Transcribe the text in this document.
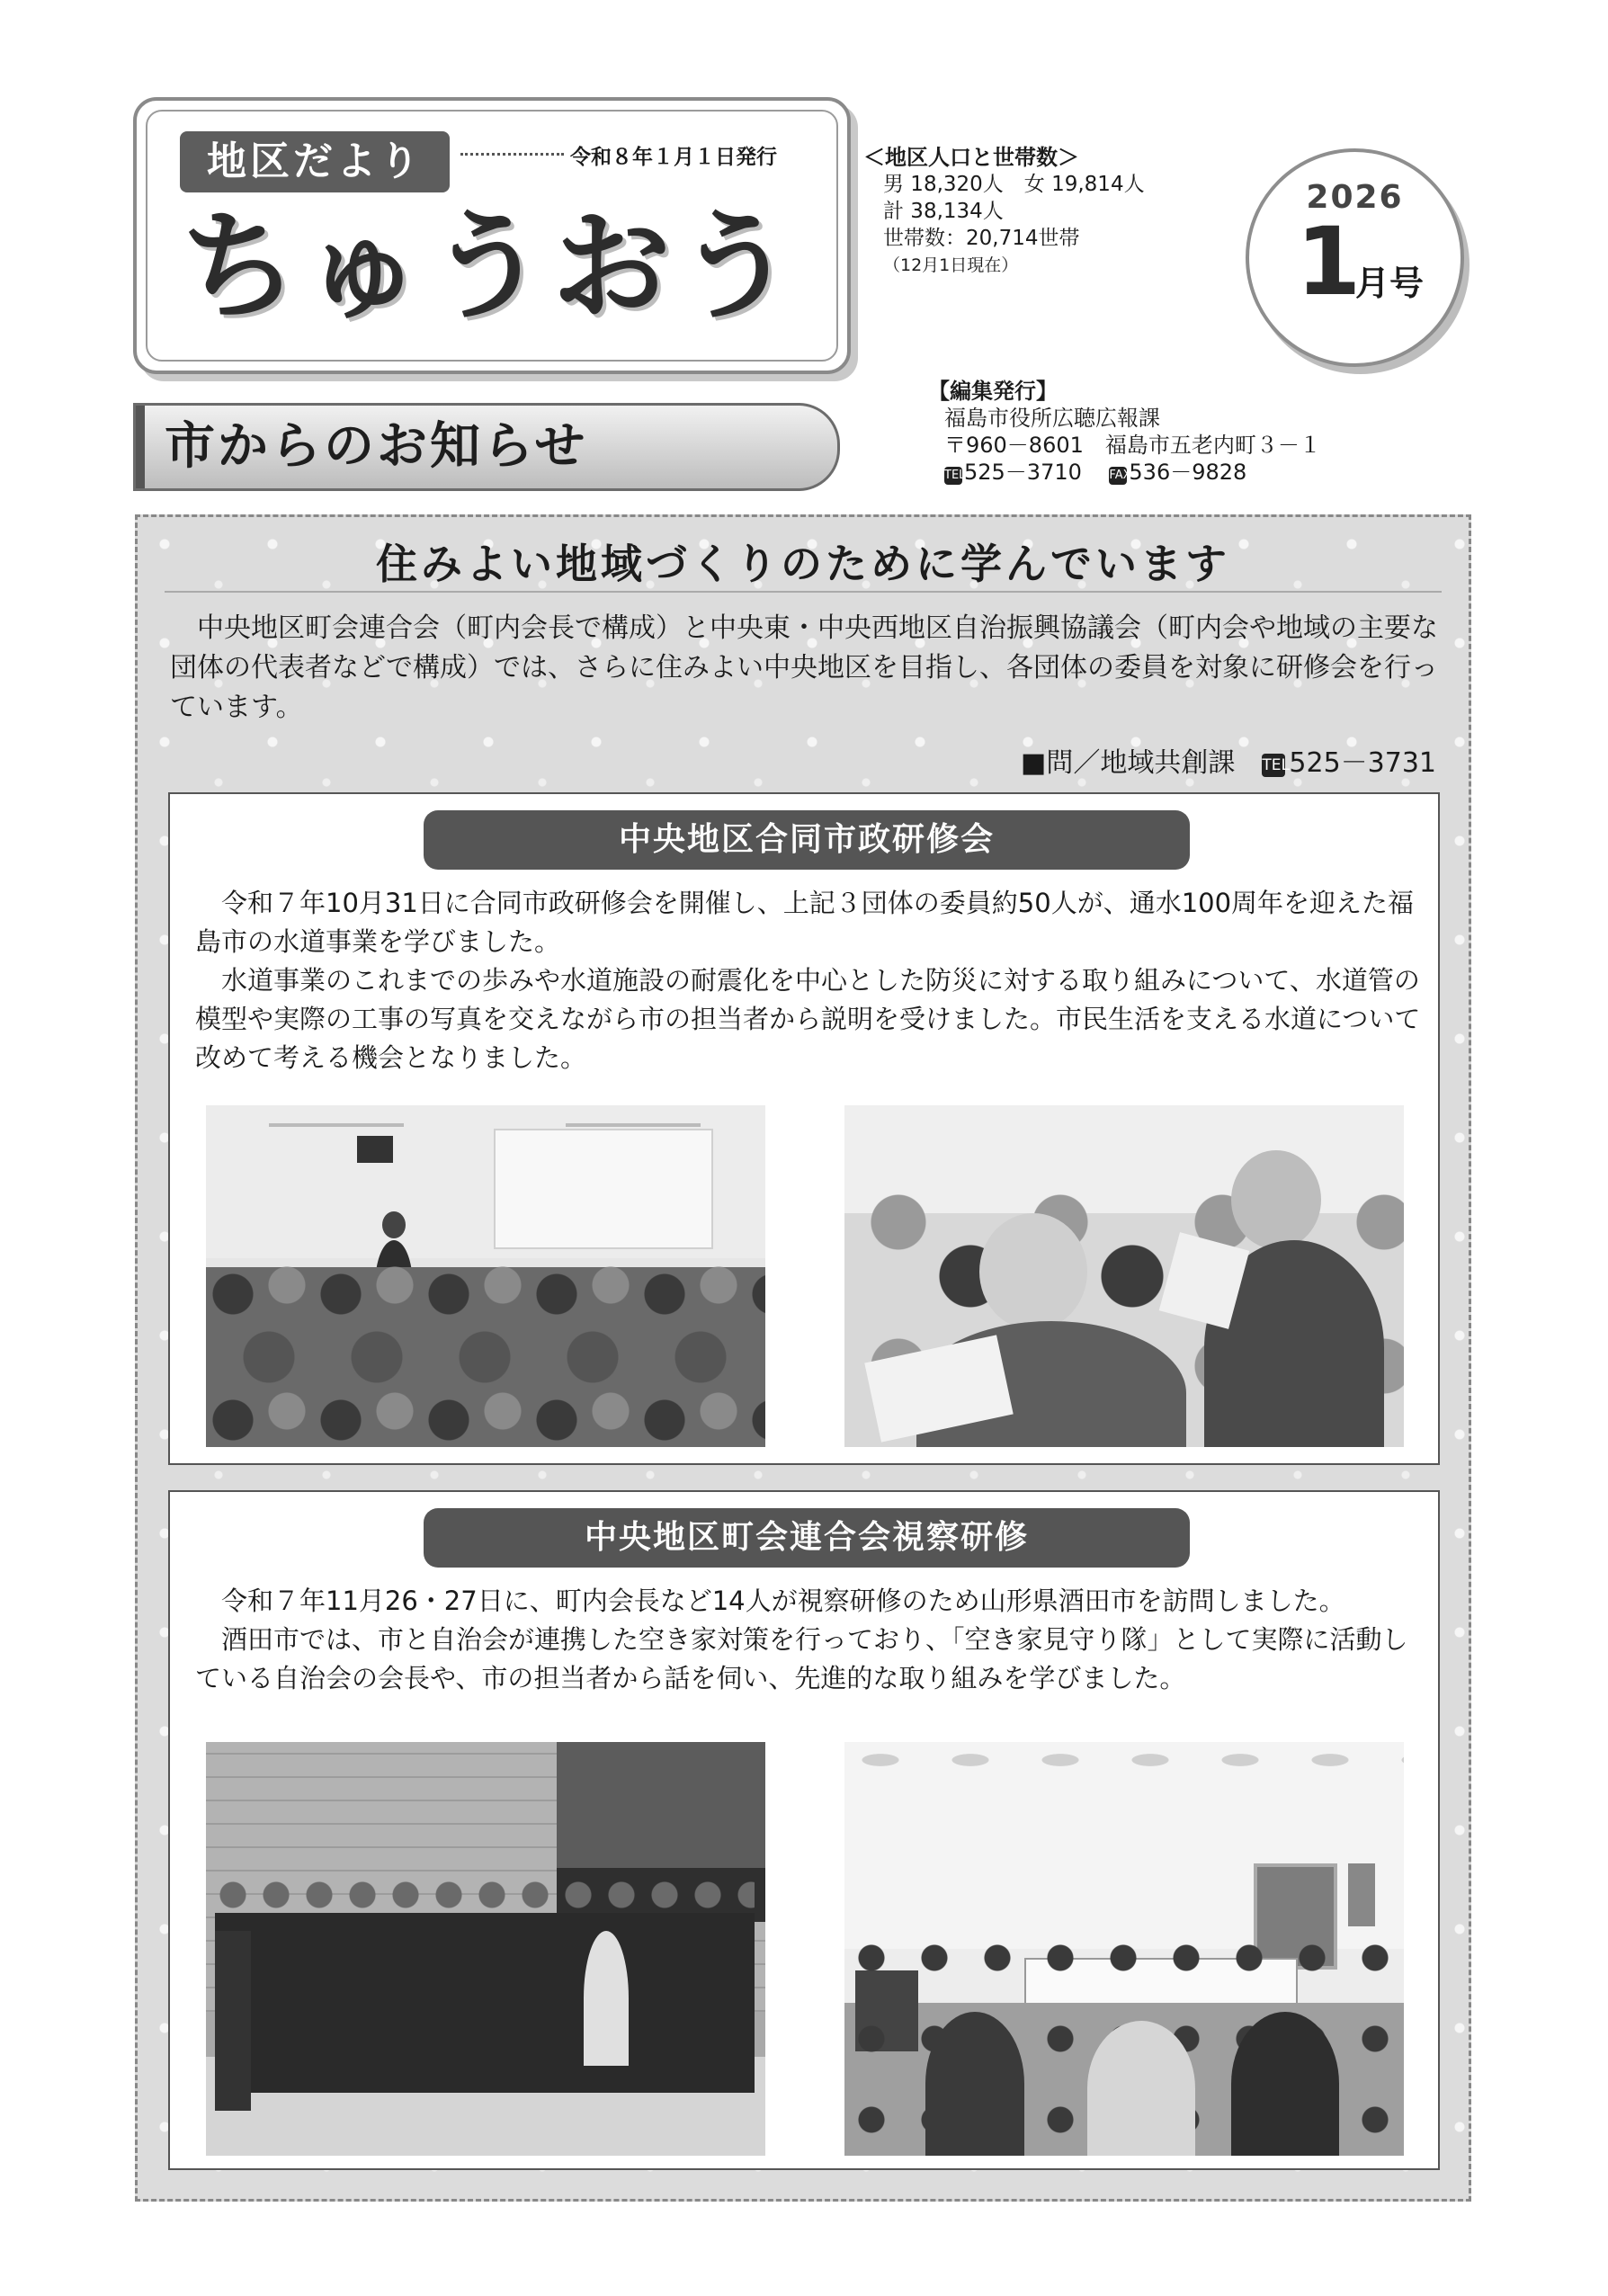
地区だより	令和８年１月１日発行
ちゅうおう
＜地区人口と世帯数＞
男 18,320人　女 19,814人
計 38,134人
世帯数：20,714世帯
（12月1日現在）
2026
1
月号
【編集発行】
福島市役所広聴広報課
〒960－8601　福島市五老内町３－１
TEL525－3710 FAX536－9828
市からのお知らせ
住みよい地域づくりのために学んでいます

中央地区町会連合会（町内会長で構成）と中央東・中央西地区自治振興協議会（町内会や地域の主要な団体の代表者などで構成）では、さらに住みよい中央地区を目指し、各団体の委員を対象に研修会を行っています。

■問／地域共創課 TEL525－3731
中央地区合同市政研修会

令和７年10月31日に合同市政研修会を開催し、上記３団体の委員約50人が、通水100周年を迎えた福島市の水道事業を学びました。

水道事業のこれまでの歩みや水道施設の耐震化を中心とした防災に対する取り組みについて、水道管の模型や実際の工事の写真を交えながら市の担当者から説明を受けました。市民生活を支える水道について改めて考える機会となりました。

中央地区町会連合会視察研修

令和７年11月26・27日に、町内会長など14人が視察研修のため山形県酒田市を訪問しました。

酒田市では、市と自治会が連携した空き家対策を行っており、「空き家見守り隊」として実際に活動している自治会の会長や、市の担当者から話を伺い、先進的な取り組みを学びました。
